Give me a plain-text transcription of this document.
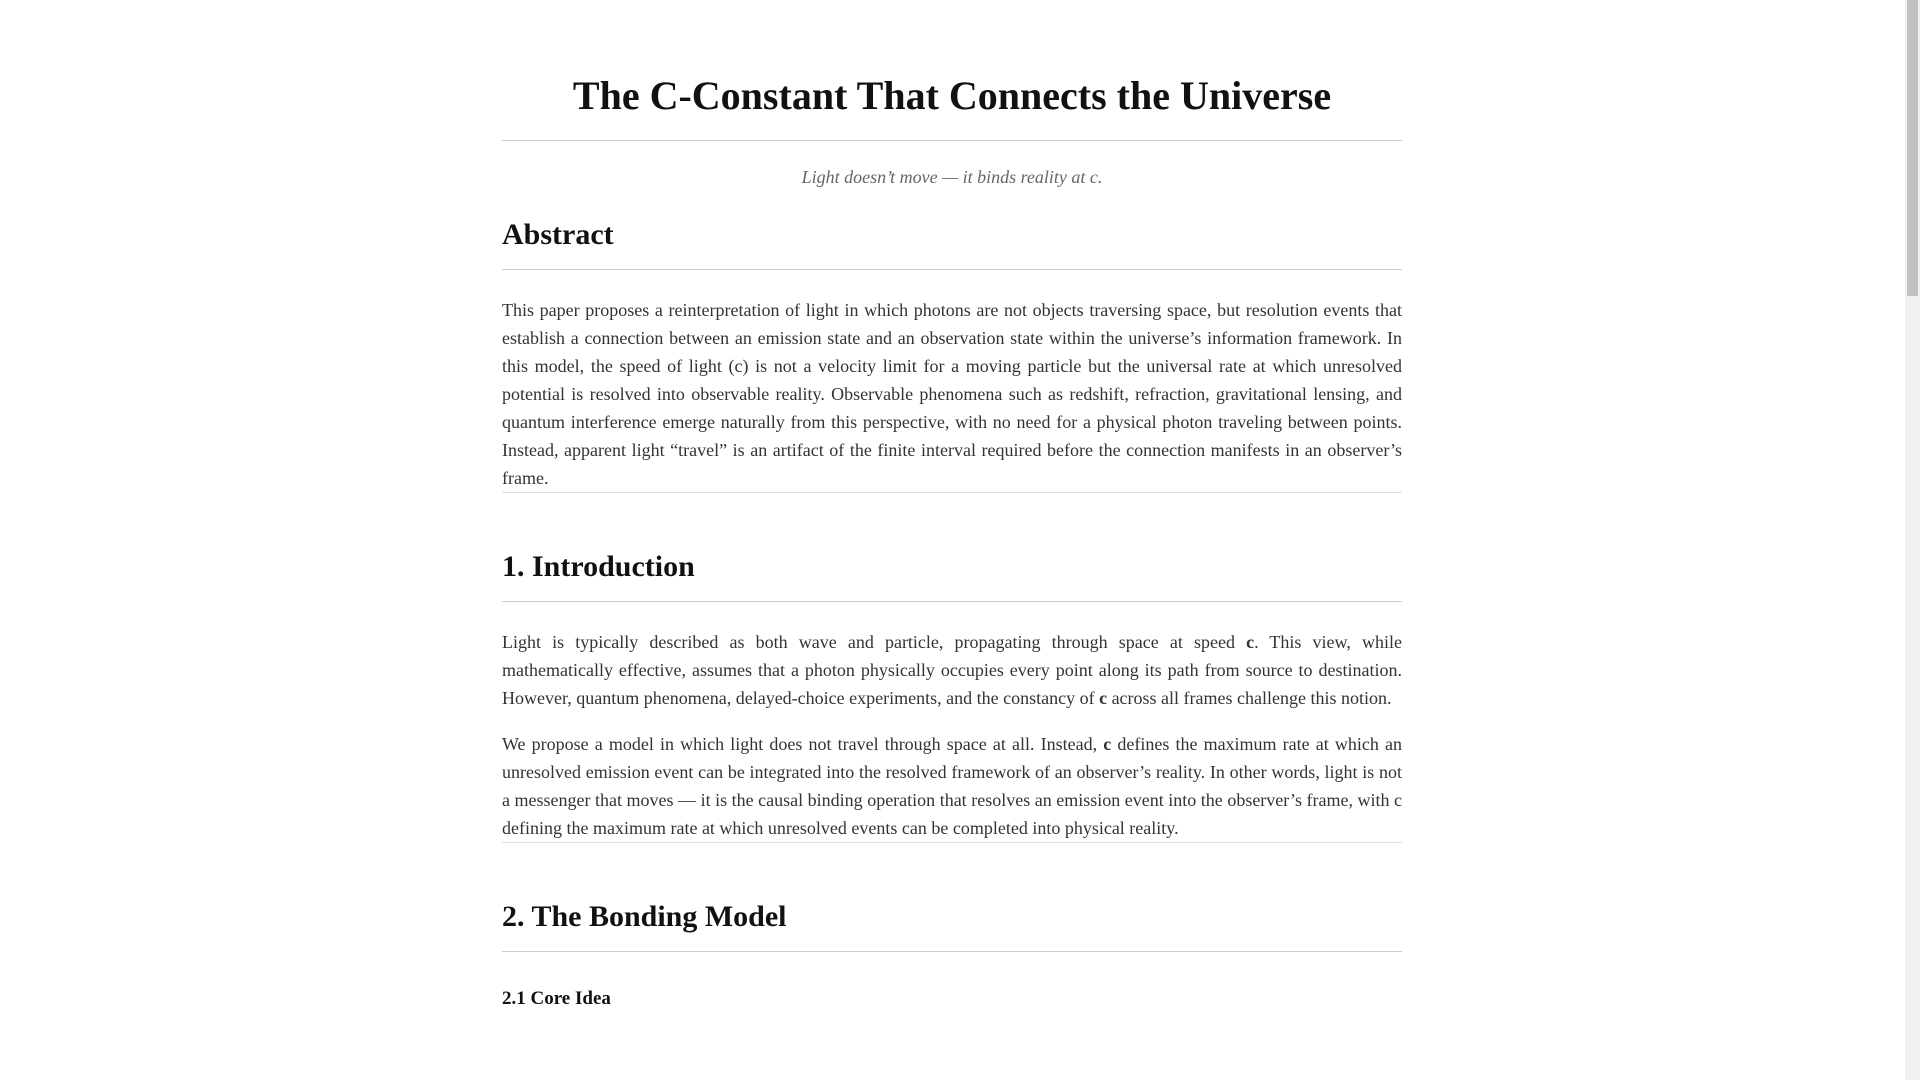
The C-Constant That Connects the Universe
Light doesn’t move — it binds reality at c.
Abstract

This paper proposes a reinterpretation of light in which photons are not objects traversing space, but resolution events that establish a connection between an emission state and an observation state within the universe’s information framework. In this model, the speed of light (c) is not a velocity limit for a moving particle but the universal rate at which unresolved potential is resolved into observable reality. Observable phenomena such as redshift, refraction, gravitational lensing, and quantum interference emerge naturally from this perspective, with no need for a physical photon traveling between points. Instead, apparent light “travel” is an artifact of the finite interval required before the connection manifests in an observer’s frame.

1. Introduction

Light is typically described as both wave and particle, propagating through space at speed c. This view, while mathematically effective, assumes that a photon physically occupies every point along its path from source to destination. However, quantum phenomena, delayed-choice experiments, and the constancy of c across all frames challenge this notion.

We propose a model in which light does not travel through space at all. Instead, c defines the maximum rate at which an unresolved emission event can be integrated into the resolved framework of an observer’s reality. In other words, light is not a messenger that moves — it is the causal binding operation that resolves an emission event into the observer’s frame, with c defining the maximum rate at which unresolved events can be completed into physical reality.

2. The Bonding Model
2.1 Core Idea
